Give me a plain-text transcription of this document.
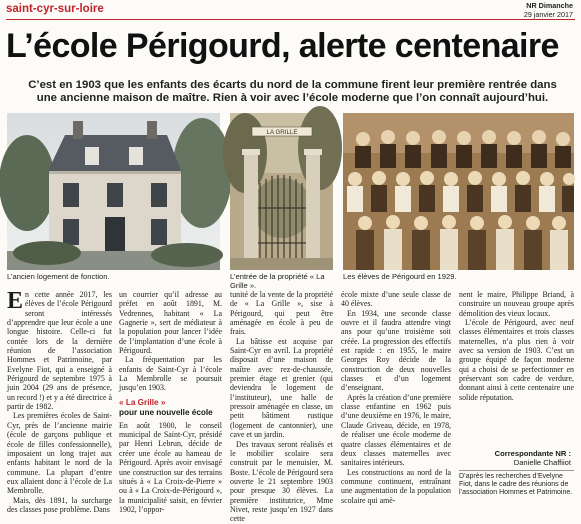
saint-cyr-sur-loire	NR Dimanche
29 janvier 2017
L’école Périgourd, alerte centenaire
C’est en 1903 que les enfants des écarts du nord de la commune firent leur première rentrée dans une ancienne maison de maître. Rien à voir avec l’école moderne que l’on connaît aujourd’hui.
L’ancien logement de fonction.
LA GRILLE
L’entrée de la propriété « La Grille ».
Les élèves de Périgourd en 1929.

En cette année 2017, les élèves de l’école Périgourd seront intéressés d’apprendre que leur école a une longue histoire. Celle-ci fut contée lors de la dernière réunion de l’association Hommes et Patrimoine, par Evelyne Fiot, qui a enseigné à Périgourd de septembre 1975 à juin 2004 (29 ans de présence, un record !) et y a été directrice à partir de 1982.

Les premières écoles de Saint-Cyr, près de l’ancienne mairie (école de garçons publique et école de filles confessionnelle), imposaient un long trajet aux enfants habitant le nord de la commune. La plupart d’entre eux allaient donc à l’école de La Membrolle.

Mais, dès 1891, la surcharge des classes pose problème. Dans

un courrier qu’il adresse au préfet en août 1891, M. Vedrennes, habitant « La Gagnerie », sert de médiateur à la population pour lancer l’idée de l’implantation d’une école à Périgourd.

La fréquentation par les enfants de Saint-Cyr à l’école La Membrolle se poursuit jusqu’en 1903.

« La Grille »
pour une nouvelle école

En août 1900, le conseil municipal de Saint-Cyr, présidé par Henri Lebrun, décide de créer une école au hameau de Périgourd. Après avoir envisagé une construction sur des terrains situés à « La Croix-de-Pierre » ou à « La Croix-de-Périgourd », la municipalité saisit, en février 1902, l’oppor-

tunité de la vente de la propriété de « La Grille », sise à Périgourd, qui peut être aménagée en école à peu de frais.

La bâtisse est acquise par Saint-Cyr en avril. La propriété disposait d’une maison de maître avec rez-de-chaussée, premier étage et grenier (qui deviendra le logement de l’instituteur), une halle de pressoir aménagée en classe, un petit bâtiment rustique (logement de cantonnier), une cave et un jardin.

Des travaux seront réalisés et le mobilier scolaire sera construit par le menuisier, M. Boste. L’école de Périgourd sera ouverte le 21 septembre 1903 pour presque 30 élèves. La première institutrice, Mme Nivet, reste jusqu’en 1927 dans cette

école mixte d’une seule classe de 40 élèves.

En 1934, une seconde classe ouvre et il faudra attendre vingt ans pour qu’une troisième soit créée. La progression des effectifs est rapide : en 1955, le maire Georges Roy décide de la construction de deux nouvelles classes et d’un logement d’enseignant.

Après la création d’une première classe enfantine en 1962 puis d’une deuxième en 1976, le maire, Claude Griveau, décide, en 1978, de réaliser une école moderne de quatre classes élémentaires et de deux classes maternelles avec sanitaires intérieurs.

Les constructions au nord de la commune continuent, entraînant une augmentation de la population scolaire qui amè-

nent le maire, Philippe Briand, à construire un nouveau groupe après démolition des vieux locaux.

L’école de Périgourd, avec neuf classes élémentaires et trois classes maternelles, n’a plus rien à voir avec sa version de 1903. C’est un groupe équipé de façon moderne qui a choisi de se perfectionner en préservant son cadre de verdure, donnant ainsi à cette centenaire une solide réputation.

Correspondante NR :
Danielle Chaffiiot
D’après les recherches d’Evelyne Fiot, dans le cadre des réunions de l’association Hommes et Patrimoine.
